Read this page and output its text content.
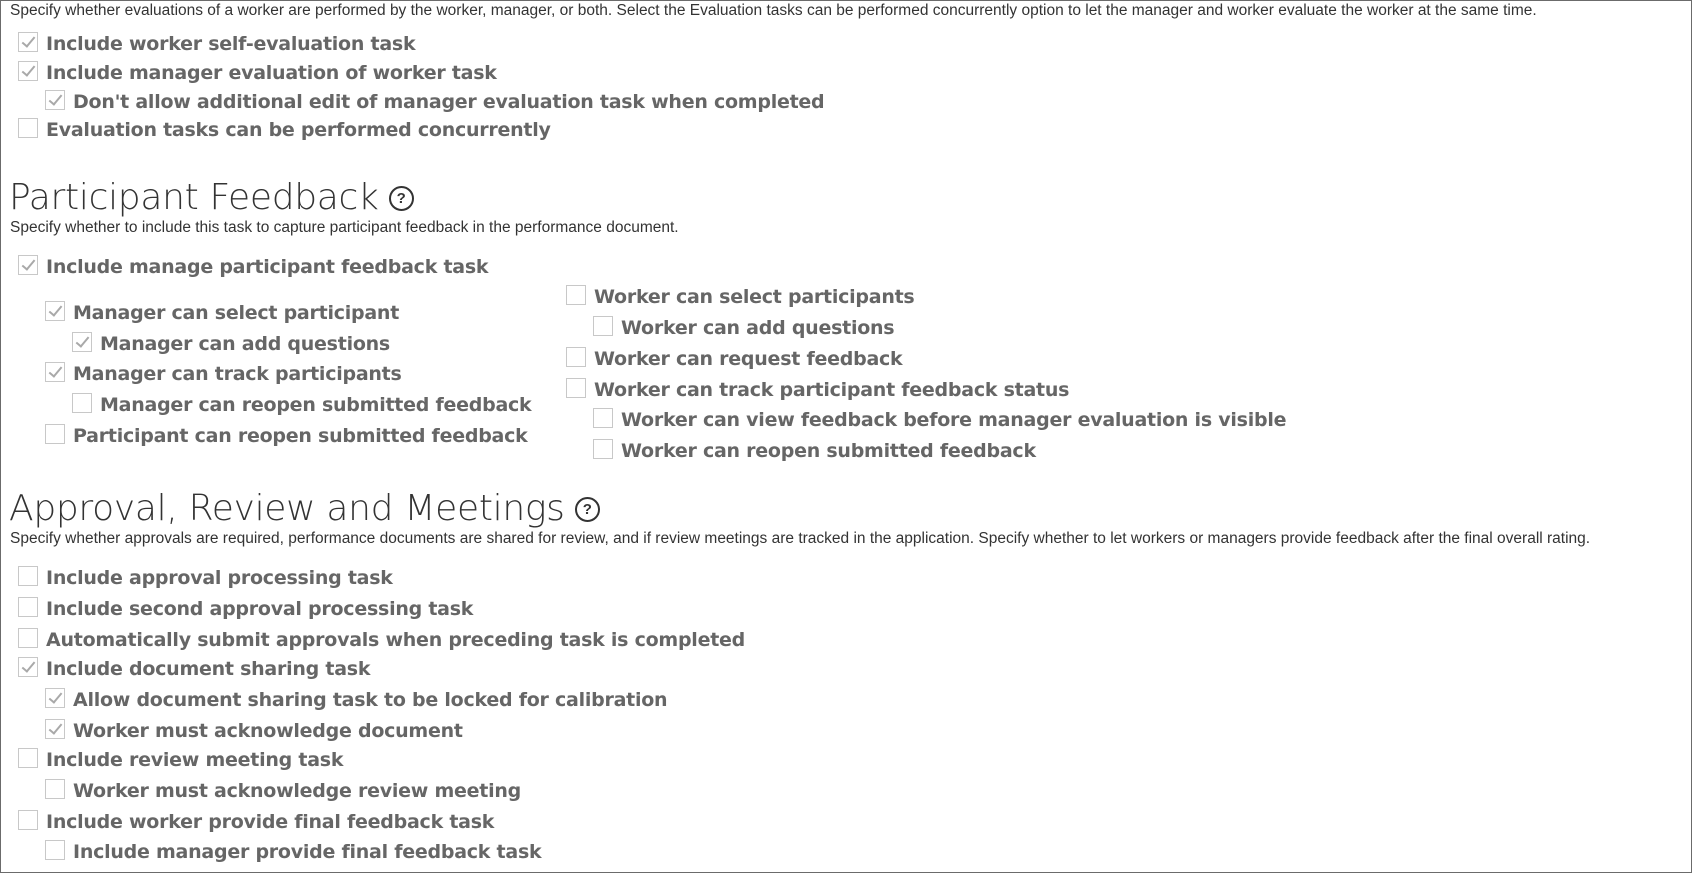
Specify whether evaluations of a worker are performed by the worker, manager, or both. Select the Evaluation tasks can be performed concurrently option to let the manager and worker evaluate the worker at the same time.
Include worker self-evaluation task
Include manager evaluation of worker task
Don't allow additional edit of manager evaluation task when completed
Evaluation tasks can be performed concurrently
Participant Feedback ?
Specify whether to include this task to capture participant feedback in the performance document.
Include manage participant feedback task
Manager can select participant
Manager can add questions
Manager can track participants
Manager can reopen submitted feedback
Participant can reopen submitted feedback
Worker can select participants
Worker can add questions
Worker can request feedback
Worker can track participant feedback status
Worker can view feedback before manager evaluation is visible
Worker can reopen submitted feedback
Approval, Review and Meetings ?
Specify whether approvals are required, performance documents are shared for review, and if review meetings are tracked in the application. Specify whether to let workers or managers provide feedback after the final overall rating.
Include approval processing task
Include second approval processing task
Automatically submit approvals when preceding task is completed
Include document sharing task
Allow document sharing task to be locked for calibration
Worker must acknowledge document
Include review meeting task
Worker must acknowledge review meeting
Include worker provide final feedback task
Include manager provide final feedback task
